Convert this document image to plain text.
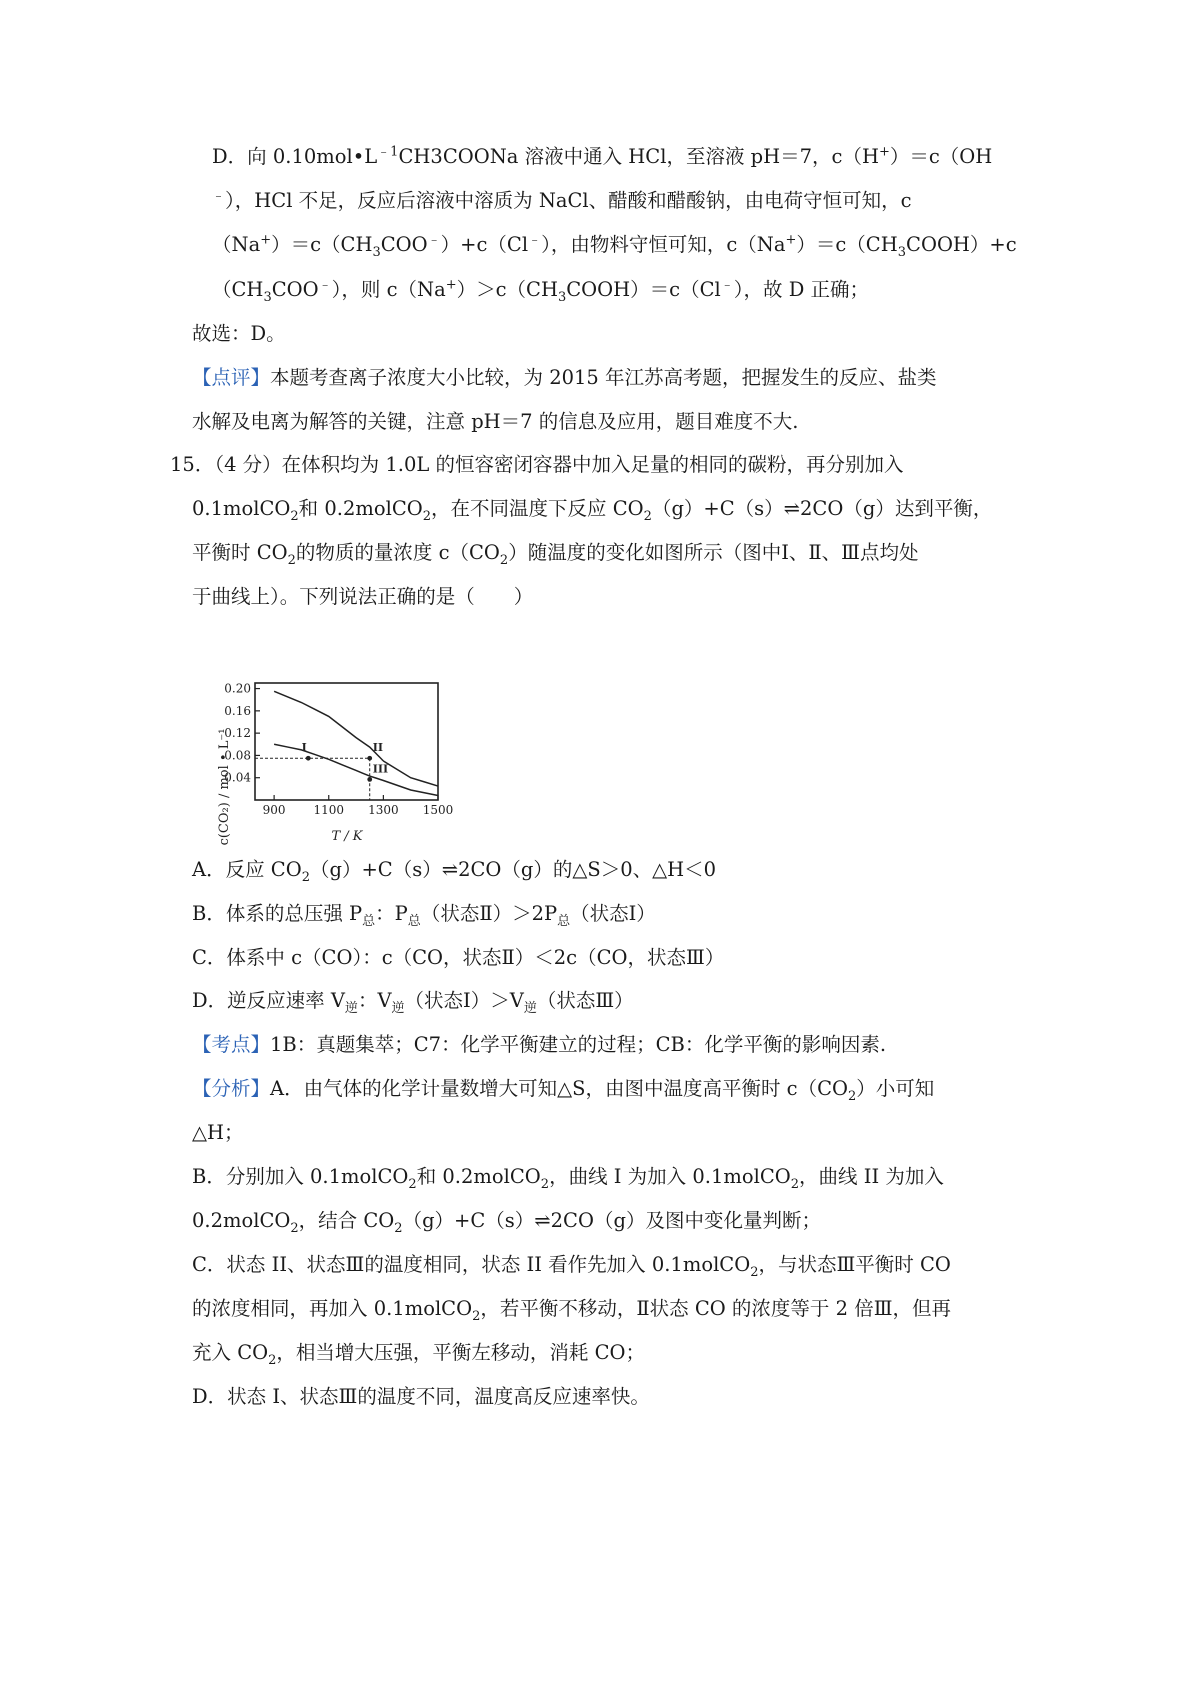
D．向 $0.10mol•L^{﹣1}CH3COONa$ 溶液中通入 HCl，至溶液 pH＝7，c（H+）＝c（OH
﹣），HCl 不足，反应后溶液中溶质为 NaCl、醋酸和醋酸钠，由电荷守恒可知，c
$(Na^+)=c(CH_3COO^﹣)+c(Cl^﹣)$，由物料守恒可知，$c(Na^+)=c(CH_3COOH)+c$
$(CH_3COO^﹣)$，则 $c(Na^+)>c(CH_3COOH)=c(Cl^﹣)$，故 D 正确；
故选：D。
【点评】本题考查离子浓度大小比较，为 2015 年江苏高考题，把握发生的反应、盐类
水解及电离为解答的关键，注意 pH＝7 的信息及应用，题目难度不大.
15．（4 分）在体积均为 1.0L 的恒容密闭容器中加入足量的相同的碳粉，再分别加入
0.1molCO$_2$和 0.2molCO$_2$，在不同温度下反应 $CO_2(g)+C(s)\rightleftharpoons 2CO(g)$达到平衡，
平衡时 $CO_2$的物质的量浓度 $c(CO_2)$随温度的变化如图所示（图中Ⅰ、Ⅱ、Ⅲ点均处
于曲线上）。下列说法正确的是（　　）
A．反应 $CO_2(g)+C(s)\rightleftharpoons 2CO(g)$的△S＞0、△H＜0
B．体系的总压强 $P_总$：$P_总$（状态$Ⅱ)>2P_总$（状态Ⅰ）
C．体系中 c（CO）：c（CO，状态Ⅱ）＜2c（CO，状态Ⅲ）
D．逆反应速率 $V_逆$：$V_逆$（状态$Ⅰ)>V_逆$（状态Ⅲ）
【考点】1B：真题集萃；C7：化学平衡建立的过程；CB：化学平衡的影响因素.
【分析】A．由气体的化学计量数增大可知△S，由图中温度高平衡时 $c(CO_2)$小可知
△H；
B．分别加入 0.1molCO$_2$和 0.2molCO$_2$，曲线 I 为加入 0.1molCO$_2$，曲线 II 为加入
0.2molCO$_2$，结合 $CO_2(g)+C(s)\rightleftharpoons 2CO(g)$及图中变化量判断；
C．状态 II、状态Ⅲ的温度相同，状态 II 看作先加入 0.1molCO$_2$，与状态Ⅲ平衡时 CO
的浓度相同，再加入 0.1molCO$_2$，若平衡不移动，Ⅱ状态 CO 的浓度等于 2 倍Ⅲ，但再
充入 $CO_2$，相当增大压强，平衡左移动，消耗 CO；
D．状态 I、状态Ⅲ的温度不同，温度高反应速率快。
0.20
0.16
0.12
0.08
0.04
900 1100 1300 1500
I	II
III
c(CO₂) / mol • L⁻¹	T / K
